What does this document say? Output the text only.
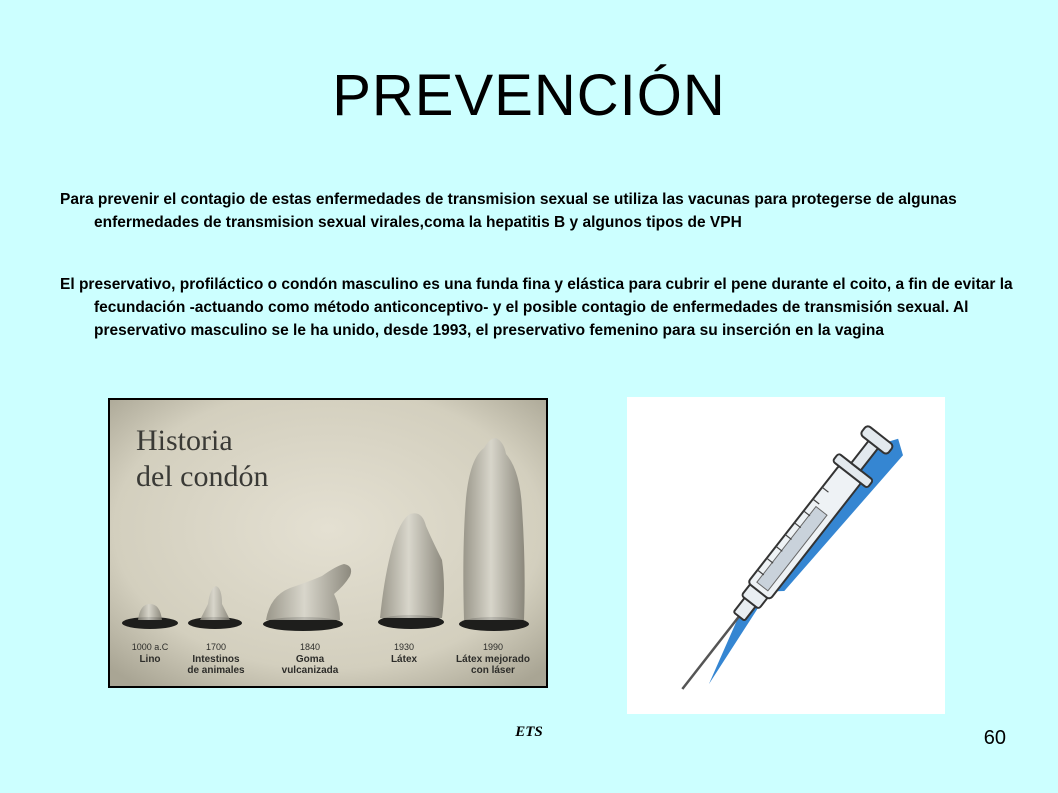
PREVENCIÓN
Para prevenir el contagio de estas enfermedades de transmision sexual se utiliza las vacunas para protegerse de algunas enfermedades de transmision sexual virales,coma la hepatitis B y algunos tipos de VPH
El preservativo, profiláctico o condón masculino es una funda fina y elástica para cubrir el pene durante el coito, a fin de evitar la fecundación -actuando como método anticonceptivo- y el posible contagio de enfermedades de transmisión sexual. Al preservativo masculino se le ha unido, desde 1993, el preservativo femenino para su inserción en la vagina
Historia
del condón
1000 a.C
Lino
1700
Intestinos
de animales
1840
Goma
vulcanizada
1930
Látex
1990
Látex mejorado
con láser
ETS	60
